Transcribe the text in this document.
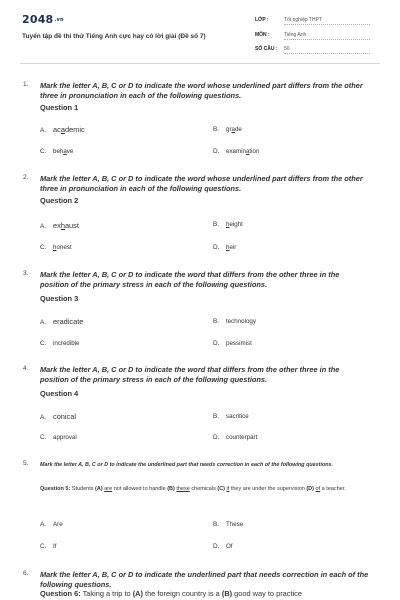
2048.vn
Tuyển tập đề thi thử Tiếng Anh cực hay có lời giải (Đề số 7)
LỚP :	Tốt nghiệp THPT
MÔN :	Tiếng Anh
SỐ CÂU :	50
1. Mark the letter A, B, C or D to indicate the word whose underlined part differs from the other three in pronunciation in each of the following questions.
Question 1
A. academic	B. grade
C. behave	D. examination
2. Mark the letter A, B, C or D to indicate the word whose underlined part differs from the other three in pronunciation in each of the following questions.
Question 2
A. exhaust	B. height
C. honest	D. heir
3. Mark the letter A, B, C or D to indicate the word that differs from the other three in the position of the primary stress in each of the following questions.
Question 3
A. eradicate	B. technology
C. incredible	D. pessimist
4. Mark the letter A, B, C or D to indicate the word that differs from the other three in the position of the primary stress in each of the following questions.
Question 4
A. conical	B. sacritice
C. approval	D. counterpart
5. Mark the letter A, B, C or D to indicate the underlined part that needs correction in each of the following questions.
Question 5: Students (A) are not allowed to handle (B) these chemicals (C) if they are under the supervision (D) of a teacher.
A. Are	B. These
C. If	D. Of
6. Mark the letter A, B, C or D to indicate the underlined part that needs correction in each of the following questions.
Question 6: Taking a trip to (A) the foreign country is a (B) good way to practice
